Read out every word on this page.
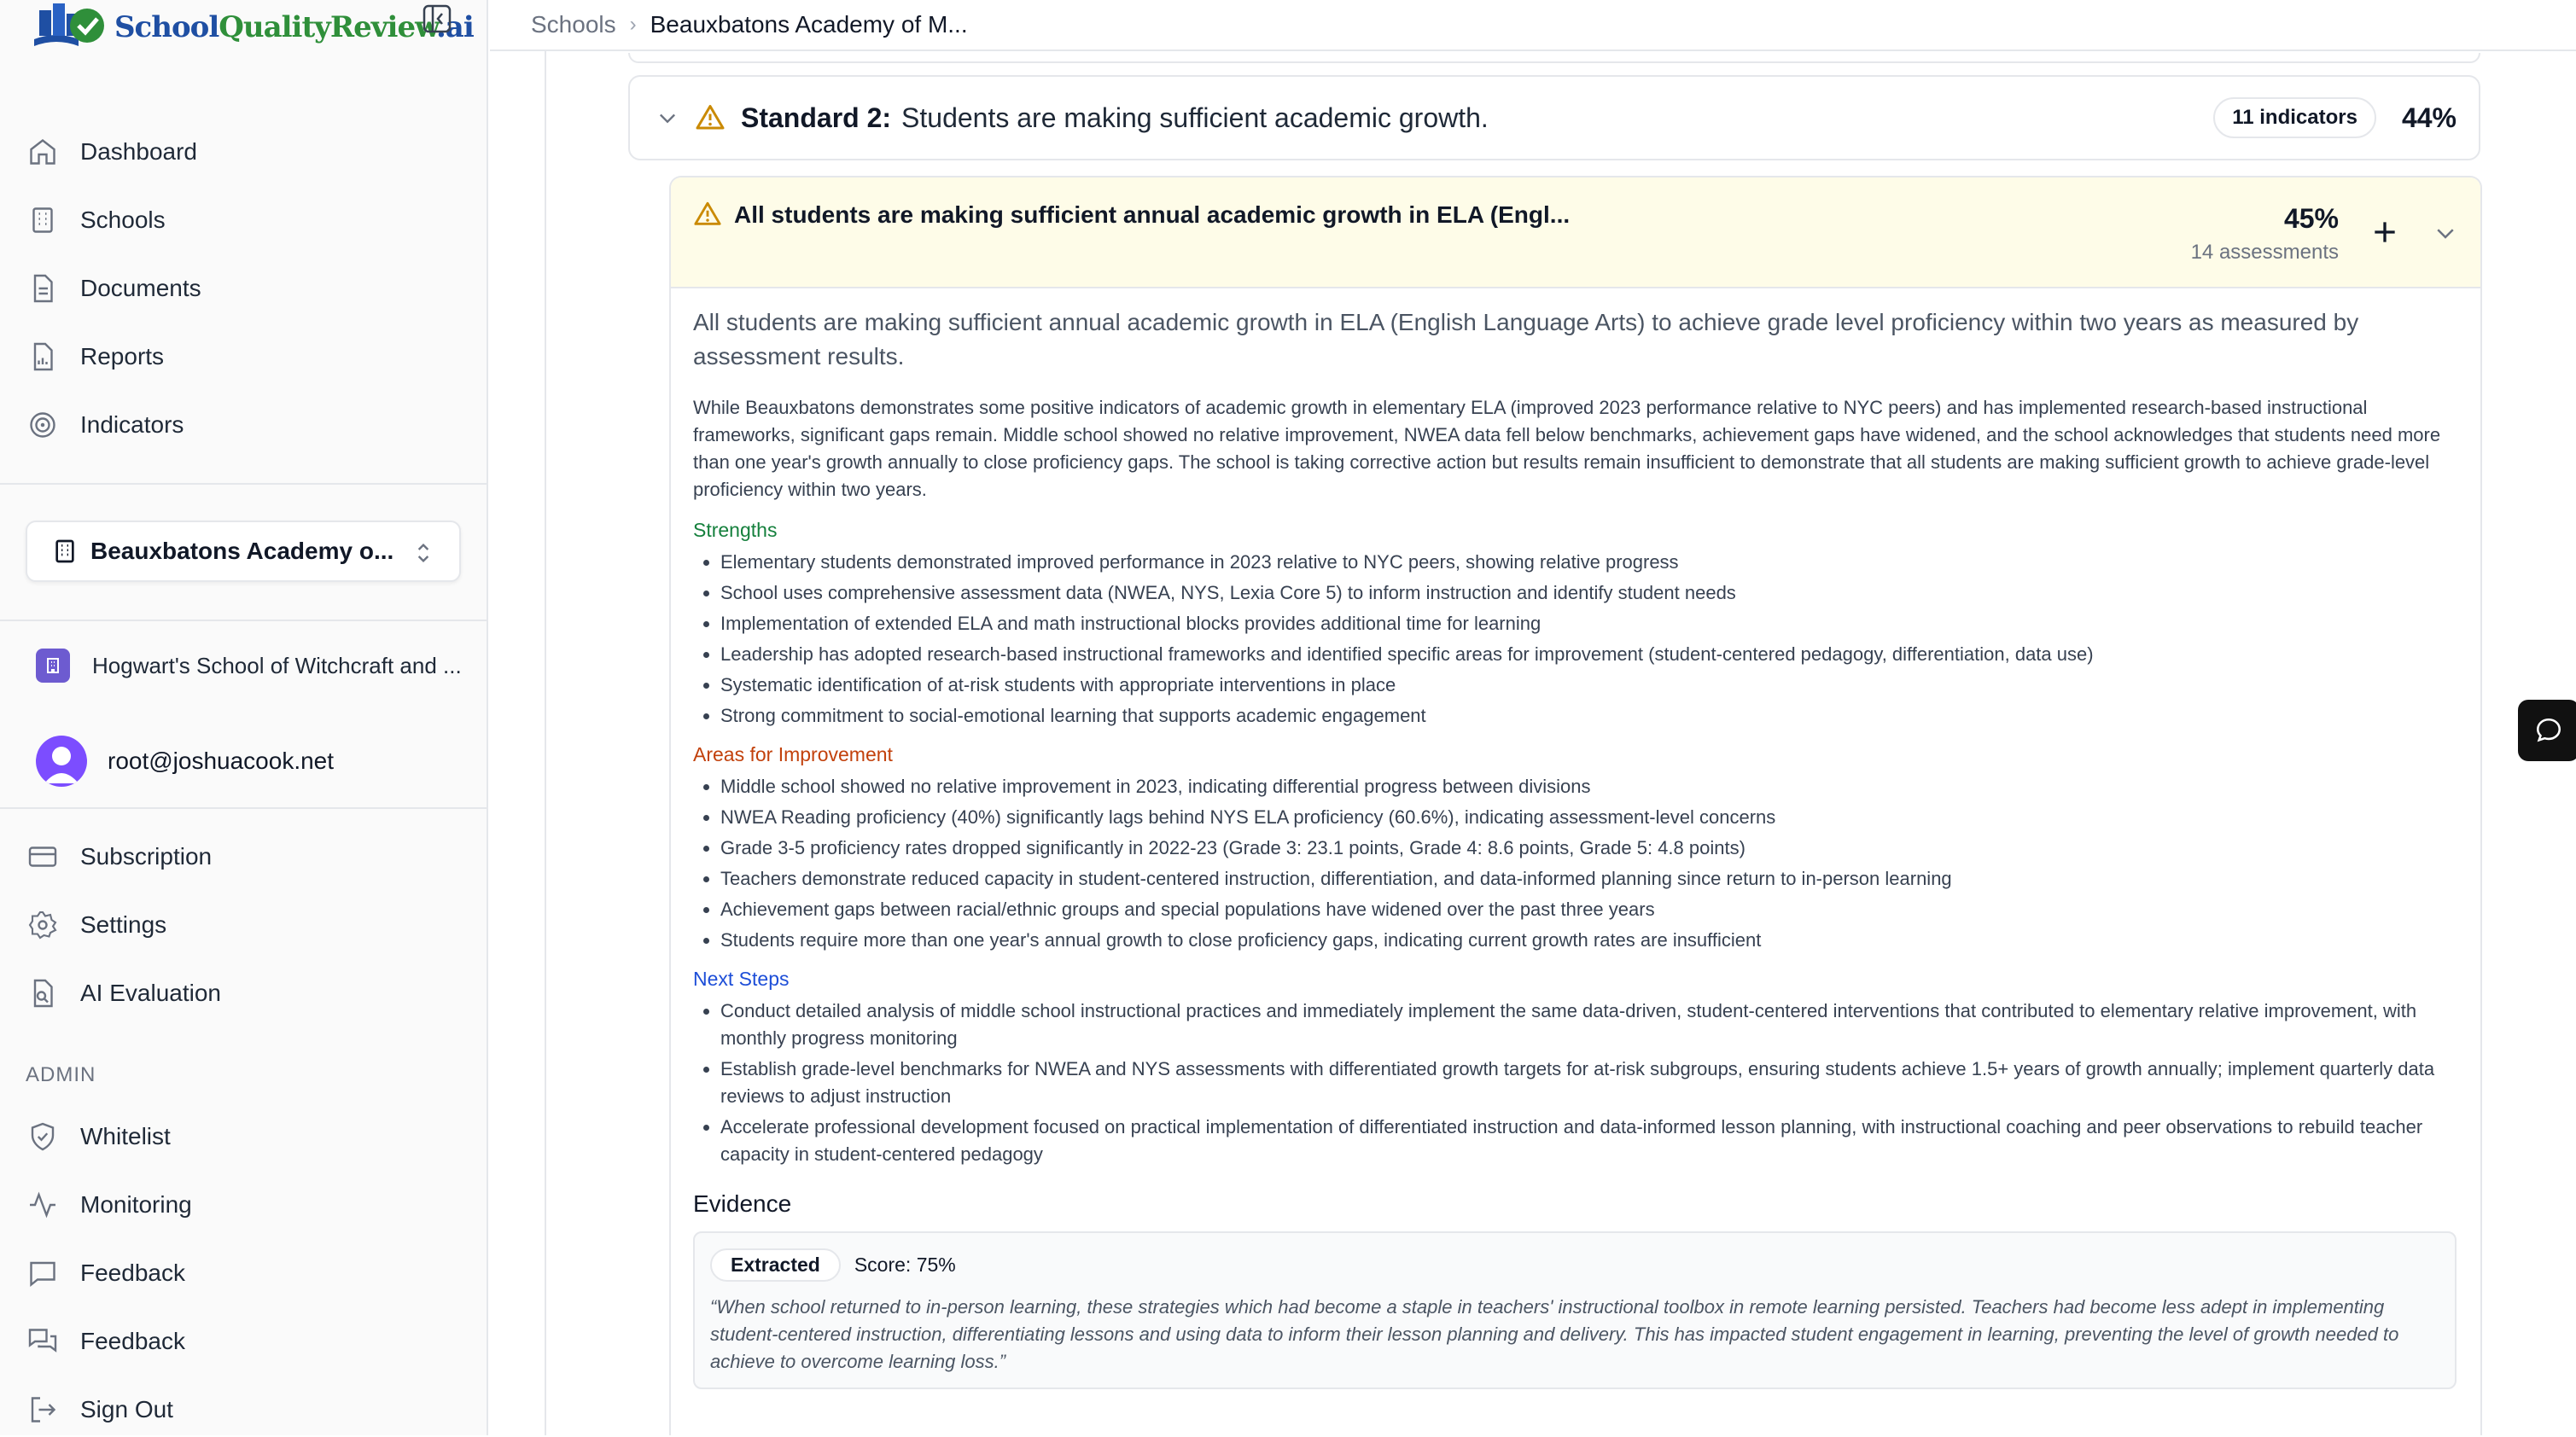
SchoolQualityReview.ai
Dashboard
Schools
Documents
Reports
Indicators
Beauxbatons Academy o...
Hogwart's School of Witchcraft and ...
root@joshuacook.net
Subscription
Settings
AI Evaluation
ADMIN
Whitelist
Monitoring
Feedback
Feedback
Sign Out
Schools › Beauxbatons Academy of M...
Standard 2: Students are making sufficient academic growth.	11 indicators	44%
All students are making sufficient annual academic growth in ELA (Engl...	45%
14 assessments

All students are making sufficient annual academic growth in ELA (English Language Arts) to achieve grade level proficiency within two years as measured by assessment results.

While Beauxbatons demonstrates some positive indicators of academic growth in elementary ELA (improved 2023 performance relative to NYC peers) and has implemented research-based instructional frameworks, significant gaps remain. Middle school showed no relative improvement, NWEA data fell below benchmarks, achievement gaps have widened, and the school acknowledges that students need more than one year's growth annually to close proficiency gaps. The school is taking corrective action but results remain insufficient to demonstrate that all students are making sufficient growth to achieve grade-level proficiency within two years.

Strengths
• Elementary students demonstrated improved performance in 2023 relative to NYC peers, showing relative progress
• School uses comprehensive assessment data (NWEA, NYS, Lexia Core 5) to inform instruction and identify student needs
• Implementation of extended ELA and math instructional blocks provides additional time for learning
• Leadership has adopted research-based instructional frameworks and identified specific areas for improvement (student-centered pedagogy, differentiation, data use)
• Systematic identification of at-risk students with appropriate interventions in place
• Strong commitment to social-emotional learning that supports academic engagement
Areas for Improvement
• Middle school showed no relative improvement in 2023, indicating differential progress between divisions
• NWEA Reading proficiency (40%) significantly lags behind NYS ELA proficiency (60.6%), indicating assessment-level concerns
• Grade 3-5 proficiency rates dropped significantly in 2022-23 (Grade 3: 23.1 points, Grade 4: 8.6 points, Grade 5: 4.8 points)
• Teachers demonstrate reduced capacity in student-centered instruction, differentiation, and data-informed planning since return to in-person learning
• Achievement gaps between racial/ethnic groups and special populations have widened over the past three years
• Students require more than one year's annual growth to close proficiency gaps, indicating current growth rates are insufficient
Next Steps
• Conduct detailed analysis of middle school instructional practices and immediately implement the same data-driven, student-centered interventions that contributed to elementary relative improvement, with monthly progress monitoring
• Establish grade-level benchmarks for NWEA and NYS assessments with differentiated growth targets for at-risk subgroups, ensuring students achieve 1.5+ years of growth annually; implement quarterly data reviews to adjust instruction
• Accelerate professional development focused on practical implementation of differentiated instruction and data-informed lesson planning, with instructional coaching and peer observations to rebuild teacher capacity in student-centered pedagogy
Evidence
Extracted	Score: 75%
“When school returned to in-person learning, these strategies which had become a staple in teachers' instructional toolbox in remote learning persisted. Teachers had become less adept in implementing student-centered instruction, differentiating lessons and using data to inform their lesson planning and delivery. This has impacted student engagement in learning, preventing the level of growth needed to achieve to overcome learning loss.”
